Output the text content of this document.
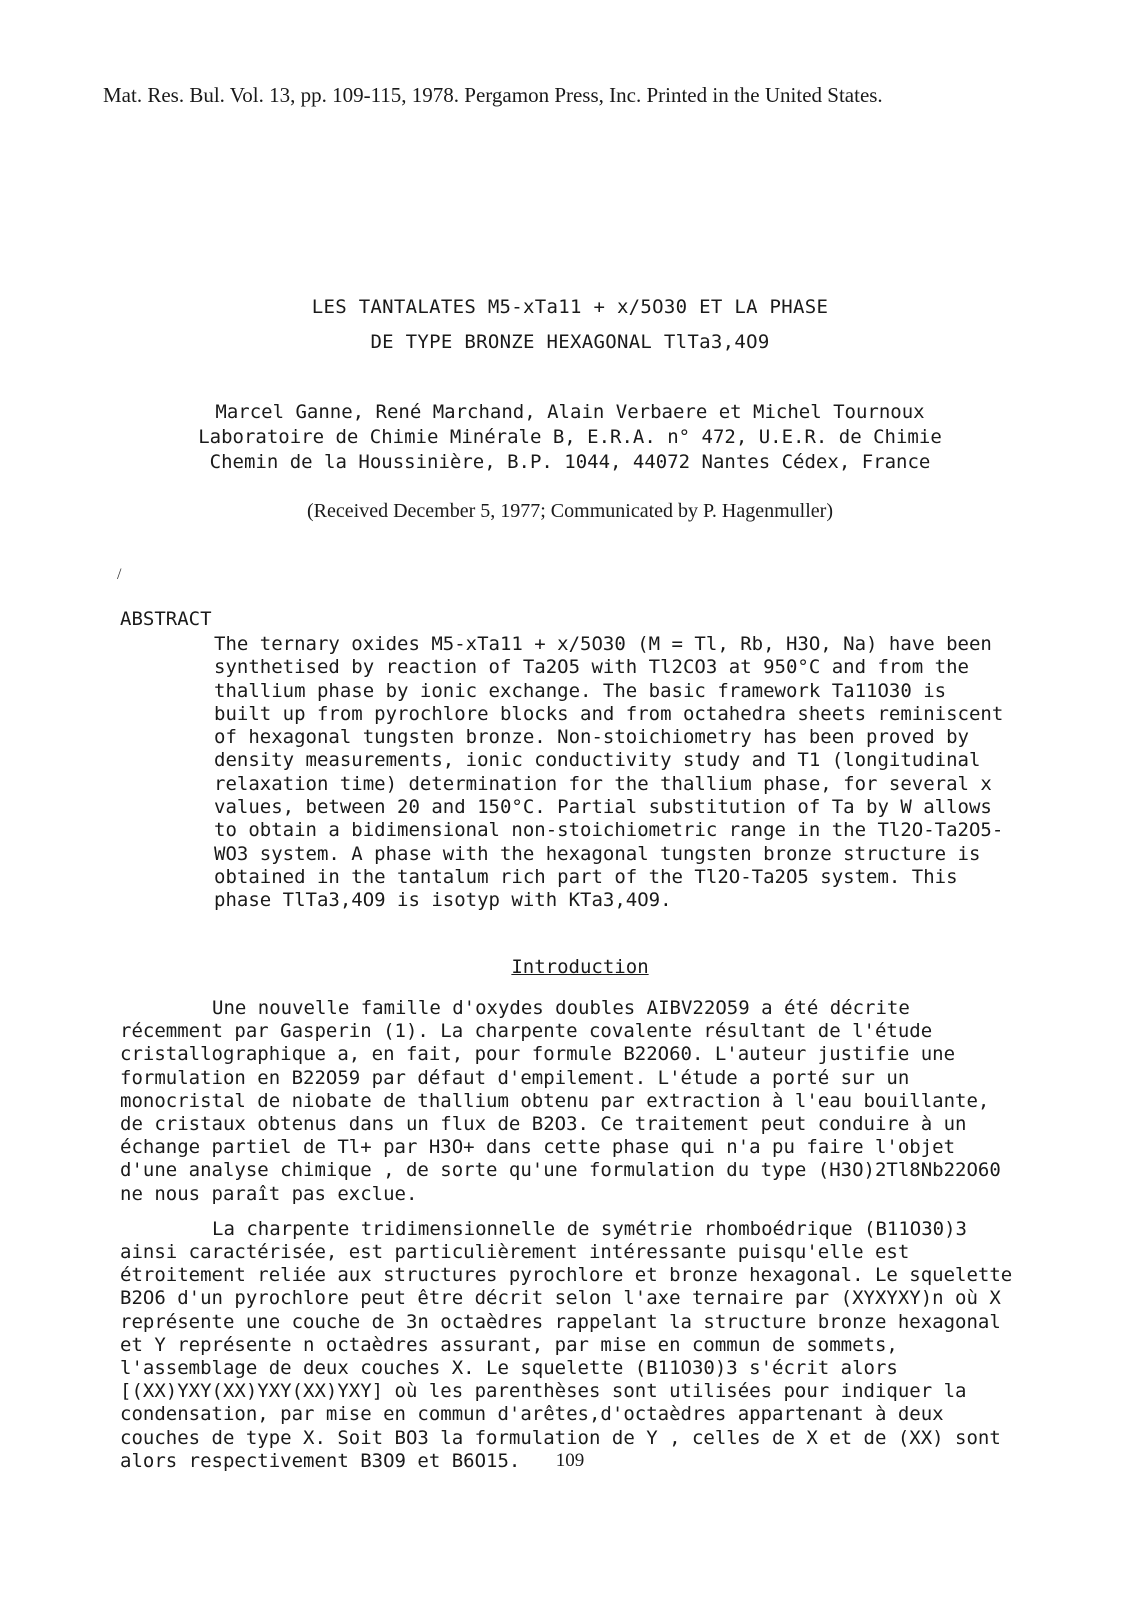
Mat. Res. Bul. Vol. 13, pp. 109-115, 1978. Pergamon Press, Inc. Printed in the United States.
LES TANTALATES M5-xTa11 + x/5O30 ET LA PHASE
DE TYPE BRONZE HEXAGONAL TlTa3,4O9
Marcel Ganne, René Marchand, Alain Verbaere et Michel Tournoux
Laboratoire de Chimie Minérale B, E.R.A. n° 472, U.E.R. de Chimie
Chemin de la Houssinière, B.P. 1044, 44072 Nantes Cédex, France
(Received December 5, 1977; Communicated by P. Hagenmuller)
/
ABSTRACT
The ternary oxides M5-xTa11 + x/5O30 (M = Tl, Rb, H3O, Na) have been synthetised by reaction of Ta2O5 with Tl2CO3 at 950°C and from the thallium phase by ionic exchange. The basic framework Ta11O30 is built up from pyrochlore blocks and from octahedra sheets reminiscent of hexagonal tungsten bronze. Non-stoichiometry has been proved by density measurements, ionic conductivity study and T1 (longitudinal relaxation time) determination for the thallium phase, for several x values, between 20 and 150°C. Partial substitution of Ta by W allows to obtain a bidimensional non-stoichiometric range in the Tl2O-Ta2O5-WO3 system. A phase with the hexagonal tungsten bronze structure is obtained in the tantalum rich part of the Tl2O-Ta2O5 system. This phase TlTa3,4O9 is isotyp with KTa3,4O9.
Introduction

Une nouvelle famille d'oxydes doubles AIBV22O59 a été décrite récemment par Gasperin (1). La charpente covalente résultant de l'étude cristallographique a, en fait, pour formule B22O60. L'auteur justifie une formulation en B22O59 par défaut d'empilement. L'étude a porté sur un monocristal de niobate de thallium obtenu par extraction à l'eau bouillante, de cristaux obtenus dans un flux de B2O3. Ce traitement peut conduire à un échange partiel de Tl+ par H3O+ dans cette phase qui n'a pu faire l'objet d'une analyse chimique , de sorte qu'une formulation du type (H3O)2Tl8Nb22O60 ne nous paraît pas exclue.

La charpente tridimensionnelle de symétrie rhomboédrique (B11O30)3 ainsi caractérisée, est particulièrement intéressante puisqu'elle est étroitement reliée aux structures pyrochlore et bronze hexagonal. Le squelette B2O6 d'un pyrochlore peut être décrit selon l'axe ternaire par (XYXYXY)n où X représente une couche de 3n octaèdres rappelant la structure bronze hexagonal et Y représente n octaèdres assurant, par mise en commun de sommets, l'assemblage de deux couches X. Le squelette (B11O30)3 s'écrit alors [(XX)YXY(XX)YXY(XX)YXY] où les parenthèses sont utilisées pour indiquer la condensation, par mise en commun d'arêtes,d'octaèdres appartenant à deux couches de type X. Soit BO3 la formulation de Y , celles de X et de (XX) sont alors respectivement B3O9 et B6O15.	109
